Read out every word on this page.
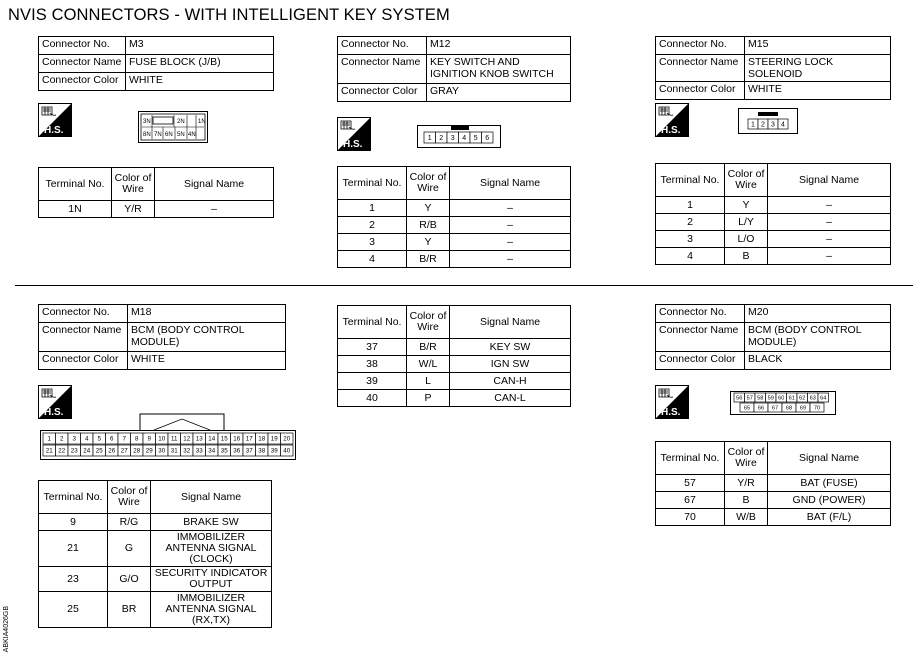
NVIS CONNECTORS - WITH INTELLIGENT KEY SYSTEM
Connector No.	M3
Connector Name	FUSE BLOCK (J/B)
Connector Color	WHITE
H.S.
3N	2N 1N
8N 7N 6N 5N 4N
Terminal No.	Color of Wire	Signal Name
1N	Y/R	–
Connector No.	M12
Connector Name	KEY SWITCH AND IGNITION KNOB SWITCH
Connector Color	GRAY
H.S.
1 2 3 4 5 6
Terminal No.	Color of Wire	Signal Name
1	Y	–
2	R/B	–
3	Y	–
4	B/R	–
Connector No.	M15
Connector Name	STEERING LOCK SOLENOID
Connector Color	WHITE
H.S.	1 2 3 4
Terminal No.	Color of Wire	Signal Name
1	Y	–
2	L/Y	–
3	L/O	–
4	B	–
Connector No.	M18
Connector Name	BCM (BODY CONTROL MODULE)
Connector Color	WHITE
H.S.
1 2 3 4 5 6 7 8 9 10 11 12 13 14 15 16 17 18 19 20
21 22 23 24 25 26 27 28 29 30 31 32 33 34 35 36 37 38 39 40
Terminal No.	Color of Wire	Signal Name
9	R/G	BRAKE SW
21	G	IMMOBILIZER ANTENNA SIGNAL (CLOCK)
23	G/O	SECURITY INDICATOR OUTPUT
25	BR	IMMOBILIZER ANTENNA SIGNAL (RX,TX)
Terminal No.	Color of Wire	Signal Name
37	B/R	KEY SW
38	W/L	IGN SW
39	L	CAN-H
40	P	CAN-L
Connector No.	M20
Connector Name	BCM (BODY CONTROL MODULE)
Connector Color	BLACK
H.S.
56 57 58 59 60 61 62 63 64
65 66 67 68 69 70
Terminal No.	Color of Wire	Signal Name
57	Y/R	BAT (FUSE)
67	B	GND (POWER)
70	W/B	BAT (F/L)
ABKIA4026GB
